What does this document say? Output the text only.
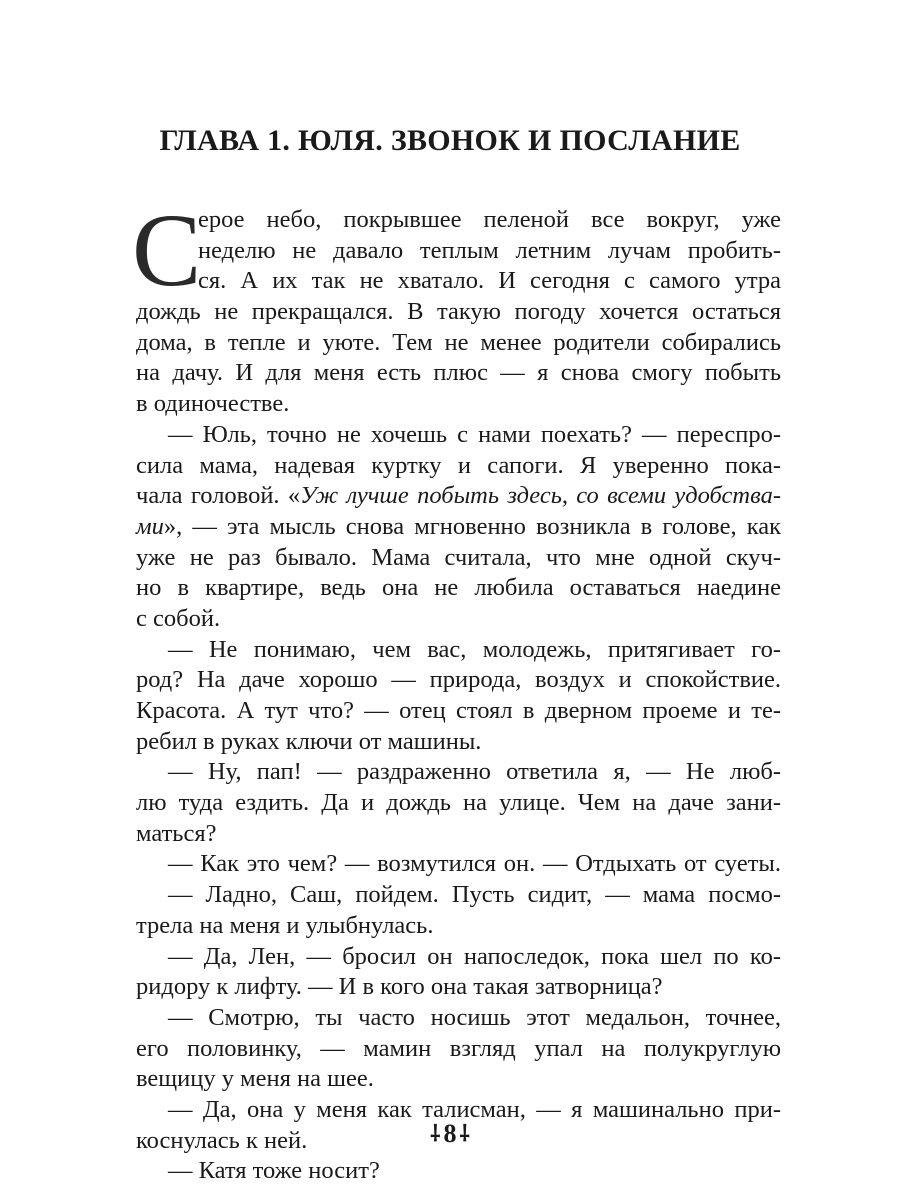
ГЛАВА 1. ЮЛЯ. ЗВОНОК И ПОСЛАНИЕ
С
ерое небо, покрывшее пеленой все вокруг, уже
неделю не давало теплым летним лучам пробить-
ся. А их так не хватало. И сегодня с самого утра
дождь не прекращался. В такую погоду хочется остаться
дома, в тепле и уюте. Тем не менее родители собирались
на дачу. И для меня есть плюс — я снова смогу побыть
в одиночестве.
— Юль, точно не хочешь с нами поехать? — переспро-
сила мама, надевая куртку и сапоги. Я уверенно пока-
чала головой. «Уж лучше побыть здесь, со всеми удобства-
ми», — эта мысль снова мгновенно возникла в голове, как
уже не раз бывало. Мама считала, что мне одной скуч-
но в квартире, ведь она не любила оставаться наедине
с собой.
— Не понимаю, чем вас, молодежь, притягивает го-
род? На даче хорошо — природа, воздух и спокойствие.
Красота. А тут что? — отец стоял в дверном проеме и те-
ребил в руках ключи от машины.
— Ну, пап! — раздраженно ответила я, — Не люб-
лю туда ездить. Да и дождь на улице. Чем на даче зани-
маться?
— Как это чем? — возмутился он. — Отдыхать от суеты.
— Ладно, Саш, пойдем. Пусть сидит, — мама посмо-
трела на меня и улыбнулась.
— Да, Лен, — бросил он напоследок, пока шел по ко-
ридору к лифту. — И в кого она такая затворница?
— Смотрю, ты часто носишь этот медальон, точнее,
его половинку, — мамин взгляд упал на полукруглую
вещицу у меня на шее.
— Да, она у меня как талисман, — я машинально при-
коснулась к ней.
— Катя тоже носит?
⸸ 8 ⸸
